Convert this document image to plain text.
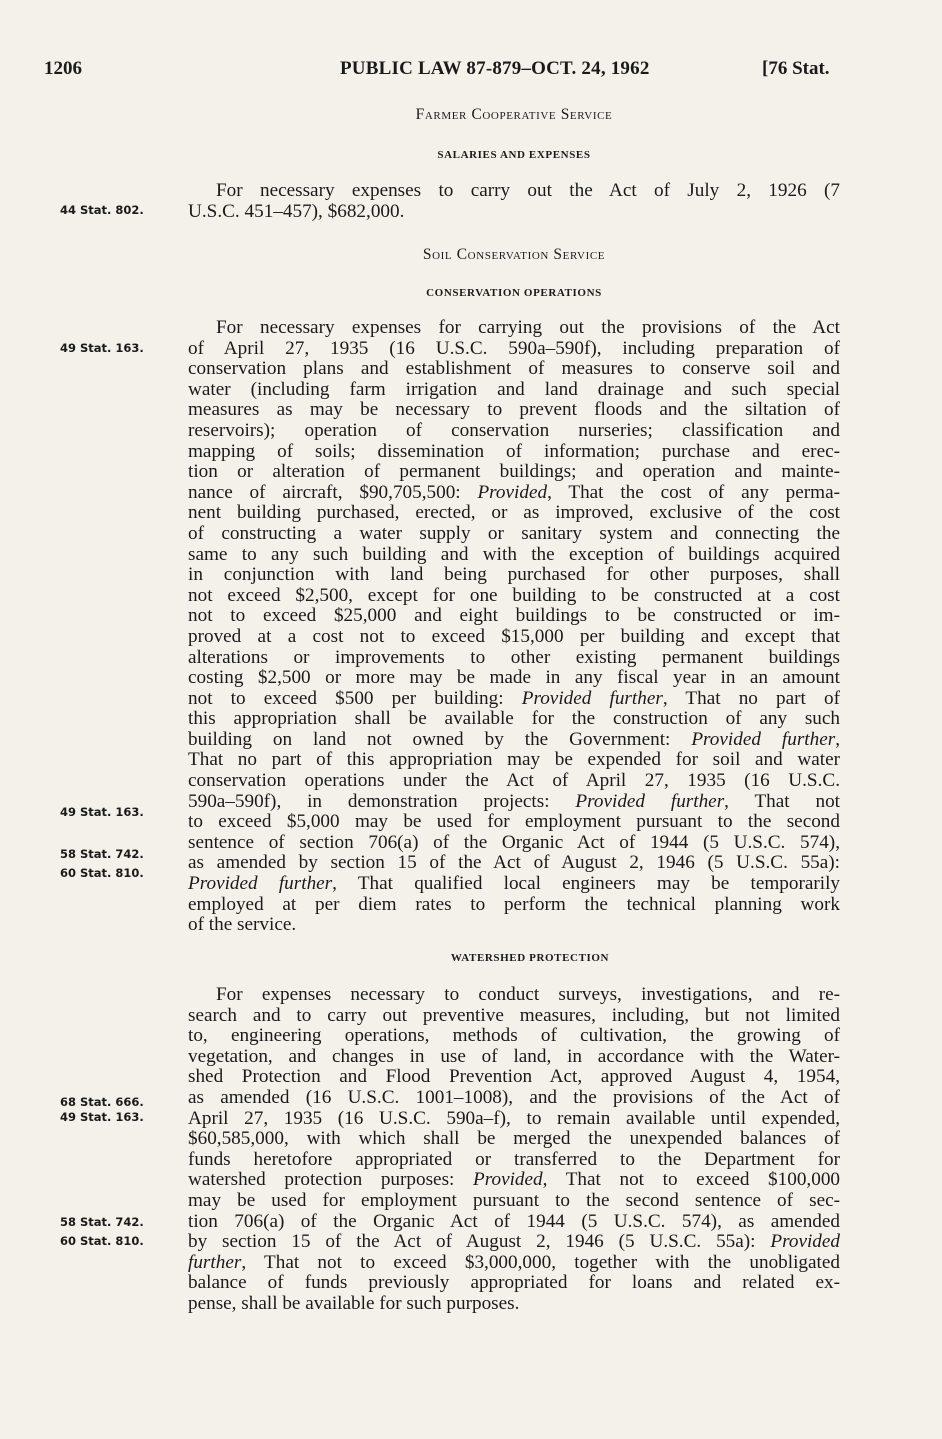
1206	PUBLIC LAW 87-879–OCT. 24, 1962	[76 Stat.
Farmer Cooperative Service
SALARIES AND EXPENSES
For necessary expenses to carry out the Act of July 2, 1926 (7
U.S.C. 451–457), $682,000.
Soil Conservation Service
CONSERVATION OPERATIONS
For necessary expenses for carrying out the provisions of the Act
of April 27, 1935 (16 U.S.C. 590a–590f), including preparation of
conservation plans and establishment of measures to conserve soil and
water (including farm irrigation and land drainage and such special
measures as may be necessary to prevent floods and the siltation of
reservoirs); operation of conservation nurseries; classification and
mapping of soils; dissemination of information; purchase and erec-
tion or alteration of permanent buildings; and operation and mainte-
nance of aircraft, $90,705,500: Provided, That the cost of any perma-
nent building purchased, erected, or as improved, exclusive of the cost
of constructing a water supply or sanitary system and connecting the
same to any such building and with the exception of buildings acquired
in conjunction with land being purchased for other purposes, shall
not exceed $2,500, except for one building to be constructed at a cost
not to exceed $25,000 and eight buildings to be constructed or im-
proved at a cost not to exceed $15,000 per building and except that
alterations or improvements to other existing permanent buildings
costing $2,500 or more may be made in any fiscal year in an amount
not to exceed $500 per building: Provided further, That no part of
this appropriation shall be available for the construction of any such
building on land not owned by the Government: Provided further,
That no part of this appropriation may be expended for soil and water
conservation operations under the Act of April 27, 1935 (16 U.S.C.
590a–590f), in demonstration projects: Provided further, That not
to exceed $5,000 may be used for employment pursuant to the second
sentence of section 706(a) of the Organic Act of 1944 (5 U.S.C. 574),
as amended by section 15 of the Act of August 2, 1946 (5 U.S.C. 55a):
Provided further, That qualified local engineers may be temporarily
employed at per diem rates to perform the technical planning work
of the service.
WATERSHED PROTECTION
For expenses necessary to conduct surveys, investigations, and re-
search and to carry out preventive measures, including, but not limited
to, engineering operations, methods of cultivation, the growing of
vegetation, and changes in use of land, in accordance with the Water-
shed Protection and Flood Prevention Act, approved August 4, 1954,
as amended (16 U.S.C. 1001–1008), and the provisions of the Act of
April 27, 1935 (16 U.S.C. 590a–f), to remain available until expended,
$60,585,000, with which shall be merged the unexpended balances of
funds heretofore appropriated or transferred to the Department for
watershed protection purposes: Provided, That not to exceed $100,000
may be used for employment pursuant to the second sentence of sec-
tion 706(a) of the Organic Act of 1944 (5 U.S.C. 574), as amended
by section 15 of the Act of August 2, 1946 (5 U.S.C. 55a): Provided
further, That not to exceed $3,000,000, together with the unobligated
balance of funds previously appropriated for loans and related ex-
pense, shall be available for such purposes.
44 Stat. 802.
49 Stat. 163.
49 Stat. 163.
58 Stat. 742.
60 Stat. 810.
68 Stat. 666.
49 Stat. 163.
58 Stat. 742.
60 Stat. 810.
